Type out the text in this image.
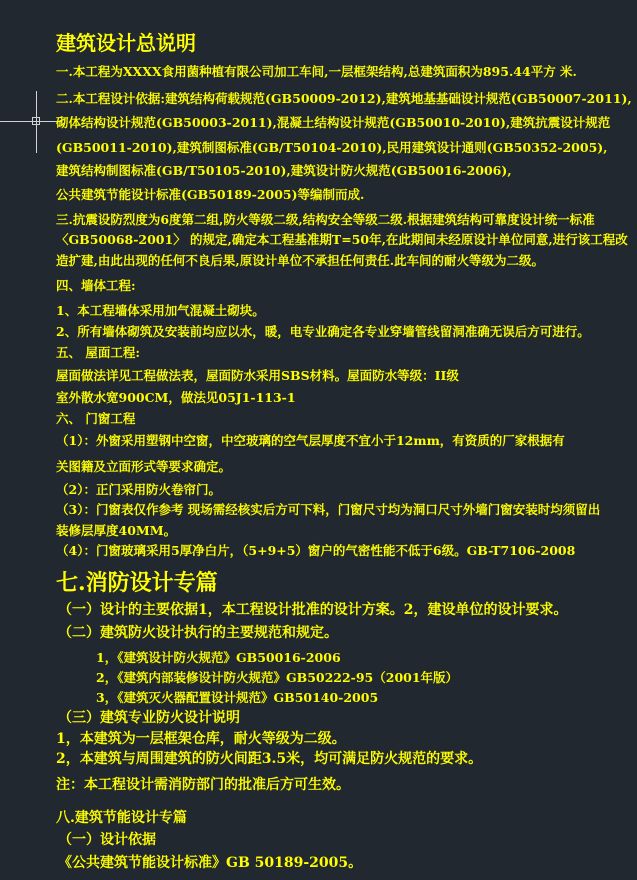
建筑设计总说明
一.本工程为XXXX食用菌种植有限公司加工车间,一层框架结构,总建筑面积为895.44平方 米.
二.本工程设计依据:建筑结构荷载规范(GB50009-2012),建筑地基基础设计规范(GB50007-2011),
砌体结构设计规范(GB50003-2011),混凝土结构设计规范(GB50010-2010),建筑抗震设计规范
(GB50011-2010),建筑制图标准(GB/T50104-2010),民用建筑设计通则(GB50352-2005),
建筑结构制图标准(GB/T50105-2010),建筑设计防火规范(GB50016-2006),
公共建筑节能设计标准(GB50189-2005)等编制而成.
三.抗震设防烈度为6度第二组,防火等级二级,结构安全等级二级.根据建筑结构可靠度设计统一标准
〈GB50068-2001〉 的规定,确定本工程基准期T=50年,在此期间未经原设计单位同意,进行该工程改
造扩建,由此出现的任何不良后果,原设计单位不承担任何责任.此车间的耐火等级为二级。
四、墙体工程:
1、本工程墙体采用加气混凝土砌块。
2、所有墙体砌筑及安装前均应以水，暖，电专业确定各专业穿墙管线留洞准确无误后方可进行。
五、 屋面工程:
屋面做法详见工程做法表，屋面防水采用SBS材料。屋面防水等级：II级
室外散水宽900CM，做法见05J1-113-1
六、 门窗工程
（1）：外窗采用塑钢中空窗，中空玻璃的空气层厚度不宜小于12mm，有资质的厂家根据有
关图籍及立面形式等要求确定。
（2）：正门采用防火卷帘门。
（3）：门窗表仅作参考 现场需经核实后方可下料，门窗尺寸均为洞口尺寸外墙门窗安装时均须留出
装修层厚度40MM。
（4）：门窗玻璃采用5厚净白片，（5+9+5）窗户的气密性能不低于6级。GB-T7106-2008
七.消防设计专篇
（一）设计的主要依据1，本工程设计批准的设计方案。2，建设单位的设计要求。
（二）建筑防火设计执行的主要规范和规定。
1，《建筑设计防火规范》GB50016-2006
2，《建筑内部装修设计防火规范》GB50222-95（2001年版）
3，《建筑灭火器配置设计规范》GB50140-2005
（三）建筑专业防火设计说明
1，本建筑为一层框架仓库，耐火等级为二级。
2，本建筑与周围建筑的防火间距3.5米，均可满足防火规范的要求。
注：本工程设计需消防部门的批准后方可生效。
八.建筑节能设计专篇
（一）设计依据
《公共建筑节能设计标准》GB 50189-2005。
